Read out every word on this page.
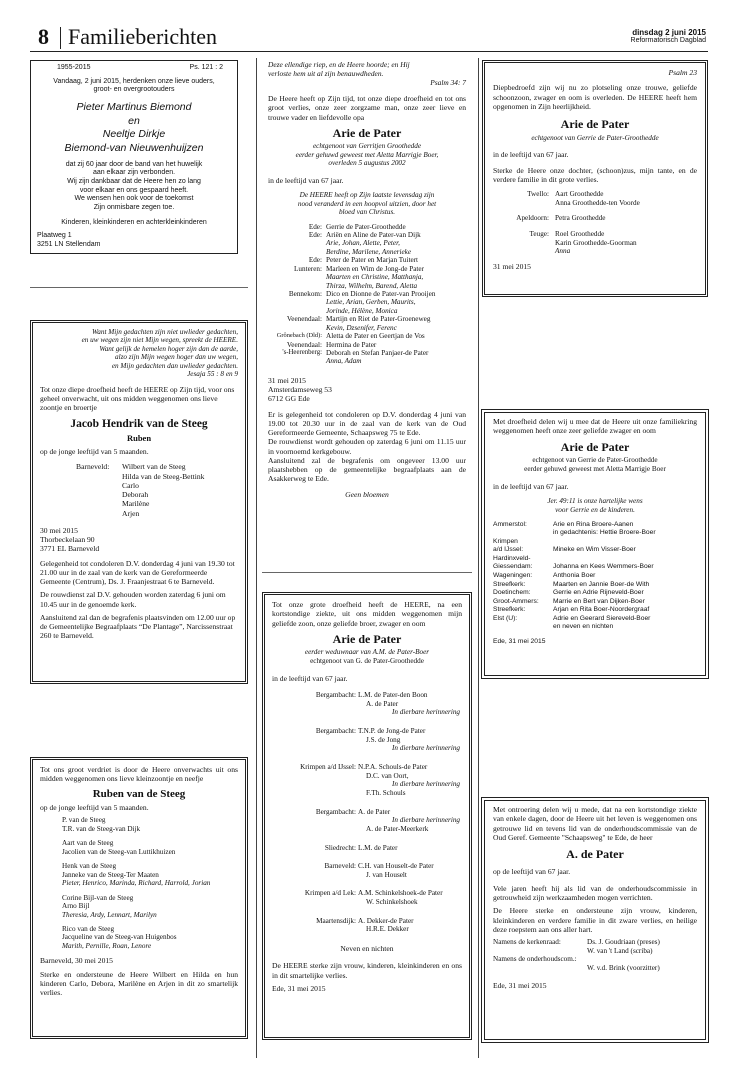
8 Familieberichten	dinsdag 2 juni 2015
Reformatorisch Dagblad
1955-2015	Ps. 121 : 2
Vandaag, 2 juni 2015, herdenken onze lieve ouders,
groot- en overgrootouders
Pieter Martinus Biemond
en
Neeltje Dirkje
Biemond-van Nieuwenhuijzen
dat zij 60 jaar door de band van het huwelijk
aan elkaar zijn verbonden.
Wij zijn dankbaar dat de Heere hen zo lang
voor elkaar en ons gespaard heeft.
We wensen hen ook voor de toekomst
Zijn onmisbare zegen toe.
Kinderen, kleinkinderen en achterkleinkinderen
Plaatweg 1
3251 LN Stellendam
Want Mijn gedachten zijn niet uwlieder gedachten,
en uw wegen zijn niet Mijn wegen, spreekt de HEERE.
Want gelijk de hemelen hoger zijn dan de aarde,
alzo zijn Mijn wegen hoger dan uw wegen,
en Mijn gedachten dan uwlieder gedachten.
Jesaja 55 : 8 en 9

Tot onze diepe droefheid heeft de HEERE op Zijn tijd, voor ons geheel onverwacht, uit ons midden weggenomen ons lieve zoontje en broertje

Jacob Hendrik van de Steeg
Ruben

op de jonge leeftijd van 5 maanden.

Barneveld:	Wilbert van de Steeg
Hilda van de Steeg-Bettink
Carlo
Deborah
Marilène
Arjen
30 mei 2015
Thorbeckelaan 90
3771 EL Barneveld

Gelegenheid tot condoleren D.V. donderdag 4 juni van 19.30 tot 21.00 uur in de zaal van de kerk van de Gereformeerde Gemeente (Centrum), Ds. J. Fraanjestraat 6 te Barneveld.

De rouwdienst zal D.V. gehouden worden zaterdag 6 juni om 10.45 uur in de genoemde kerk.

Aansluitend zal dan de begrafenis plaatsvinden om 12.00 uur op de Gemeentelijke Begraafplaats “De Plantage”, Narcissenstraat 260 te Barneveld.

Tot ons groot verdriet is door de Heere onverwachts uit ons midden weggenomen ons lieve kleinzoontje en neefje

Ruben van de Steeg

op de jonge leeftijd van 5 maanden.

P. van de Steeg
T.R. van de Steeg-van Dijk
Aart van de Steeg
Jacolien van de Steeg-van Luttikhuizen
Henk van de Steeg
Janneke van de Steeg-Ter Maaten
Pieter, Henrico, Marinda, Richard, Harrold, Jorian
Corine Bijl-van de Steeg
Arno Bijl
Theresia, Ardy, Lennart, Marilyn
Rico van de Steeg
Jacqueline van de Steeg-van Huigenbos
Marith, Pernille, Roan, Lenore

Barneveld, 30 mei 2015

Sterke en ondersteune de Heere Wilbert en Hilda en hun kinderen Carlo, Debora, Marilène en Arjen in dit zo smartelijk verlies.

Deze ellendige riep, en de Heere hoorde; en Hij
verloste hem uit al zijn benauwdheden.
Psalm 34: 7

De Heere heeft op Zijn tijd, tot onze diepe droefheid en tot ons groot verlies, onze zeer zorgzame man, onze zeer lieve en trouwe vader en liefdevolle opa

Arie de Pater
echtgenoot van Gerritjen Groothedde
eerder gehuwd geweest met Aletta Marrigje Boer,
overleden 5 augustus 2002

in de leeftijd van 67 jaar.

De HEERE heeft op Zijn laatste levensdag zijn
nood veranderd in een hoopvol uitzien, door het
bloed van Christus.
Ede: Gerrie de Pater-Groothedde
Ede: Ariën en Aline de Pater-van Dijk
Arie, Johan, Alette, Peter,
Berdine, Marilene, Annerieke
Ede: Peter de Pater en Marjan Tuitert
Lunteren: Marleen en Wim de Jong-de Pater
Maarten en Christine, Matthanja,
Thirza, Wilhelm, Barend, Aletta
Bennekom: Dico en Dionne de Pater-van Prooijen
Lettie, Arian, Gerben, Maurits,
Jorinde, Hélène, Monica
Veenendaal: Martijn en Riet de Pater-Groeneweg
Kevin, Dzsenifer, Ferenc
Grônebach (Dld): Aletta de Pater en Geertjan de Vos
Veenendaal: Hermina de Pater
's-Heerenberg: Deborah en Stefan Panjaer-de Pater
Anna, Adam
31 mei 2015
Amsterdamseweg 53
6712 GG Ede

Er is gelegenheid tot condoleren op D.V. donderdag 4 juni van 19.00 tot 20.30 uur in de zaal van de kerk van de Oud Gereformeerde Gemeente, Schaapsweg 75 te Ede.

De rouwdienst wordt gehouden op zaterdag 6 juni om 11.15 uur in voornoemd kerkgebouw.

Aansluitend zal de begrafenis om ongeveer 13.00 uur plaatshebben op de gemeentelijke begraafplaats aan de Asakkerweg te Ede.

Geen bloemen

Tot onze grote droefheid heeft de HEERE, na een kortstondige ziekte, uit ons midden weggenomen mijn geliefde zoon, onze geliefde broer, zwager en oom

Arie de Pater
eerder weduwnaar van A.M. de Pater-Boer
echtgenoot van G. de Pater-Groothedde

in de leeftijd van 67 jaar.

Bergambacht: L.M. de Pater-den Boon
A. de Pater
In dierbare herinnering
Bergambacht: T.N.P. de Jong-de Pater
J.S. de Jong
In dierbare herinnering
Krimpen a/d IJssel: N.P.A. Schouls-de Pater
D.C. van Oort,
In dierbare herinnering
F.Th. Schouls
Bergambacht: A. de Pater
In dierbare herinnering
A. de Pater-Meerkerk
Sliedrecht: L.M. de Pater
Barneveld: C.H. van Houselt-de Pater
J. van Houselt
Krimpen a/d Lek: A.M. Schinkelshoek-de Pater
W. Schinkelshoek
Maartensdijk: A. Dekker-de Pater
H.R.E. Dekker
Neven en nichten

De HEERE sterke zijn vrouw, kinderen, kleinkinderen en ons in dit smartelijke verlies.

Ede, 31 mei 2015

Psalm 23

Diepbedroefd zijn wij nu zo plotseling onze trouwe, geliefde schoonzoon, zwager en oom is overleden. De HEERE heeft hem opgenomen in Zijn heerlijkheid.

Arie de Pater
echtgenoot van Gerrie de Pater-Groothedde

in de leeftijd van 67 jaar.

Sterke de Heere onze dochter, (schoon)zus, mijn tante, en de verdere familie in dit grote verlies.

Twello: Aart Groothedde
Anna Groothedde-ten Voorde
Apeldoorn: Petra Groothedde
Teuge: Roel Groothedde
Karin Groothedde-Goorman
Anna
31 mei 2015

Met droefheid delen wij u mee dat de Heere uit onze familiekring weggenomen heeft onze zeer geliefde zwager en oom

Arie de Pater
echtgenoot van Gerrie de Pater-Groothedde
eerder gehuwd geweest met Aletta Marrigje Boer

in de leeftijd van 67 jaar.

Jer. 49:11 is onze hartelijke wens
voor Gerrie en de kinderen.
Ammerstol:	Arie en Rina Broere-Aanen
in gedachtenis: Hettie Broere-Boer
Krimpen
a/d IJssel:	Mineke en Wim Visser-Boer
Hardinxveld-
Giessendam:	Johanna en Kees Wemmers-Boer
Wageningen:	Anthonia Boer
Streefkerk:	Maarten en Jannie Boer-de With
Doetinchem:	Gerrie en Adrie Rijneveld-Boer
Groot-Ammers:	Marrie en Bert van Dijken-Boer
Streefkerk:	Arjan en Rita Boer-Noordergraaf
Elst (U):	Adrie en Geerard Siereveld-Boer
en neven en nichten
Ede, 31 mei 2015

Met ontroering delen wij u mede, dat na een kortstondige ziekte van enkele dagen, door de Heere uit het leven is weggenomen ons getrouwe lid en tevens lid van de onderhoudscommissie van de Oud Geref. Gemeente "Schaapsweg" te Ede, de heer

A. de Pater

op de leeftijd van 67 jaar.

Vele jaren heeft hij als lid van de onderhoudscommissie in getrouwheid zijn werkzaamheden mogen verrichten.

De Heere sterke en ondersteune zijn vrouw, kinderen, kleinkinderen en verdere familie in dit zware verlies, en heilige deze roepstem aan ons aller hart.

Namens de kerkenraad:	Ds. J. Goudriaan (preses)
W. van 't Land (scriba)
Namens de onderhoudscom.:
W. v.d. Brink (voorzitter)
Ede, 31 mei 2015
